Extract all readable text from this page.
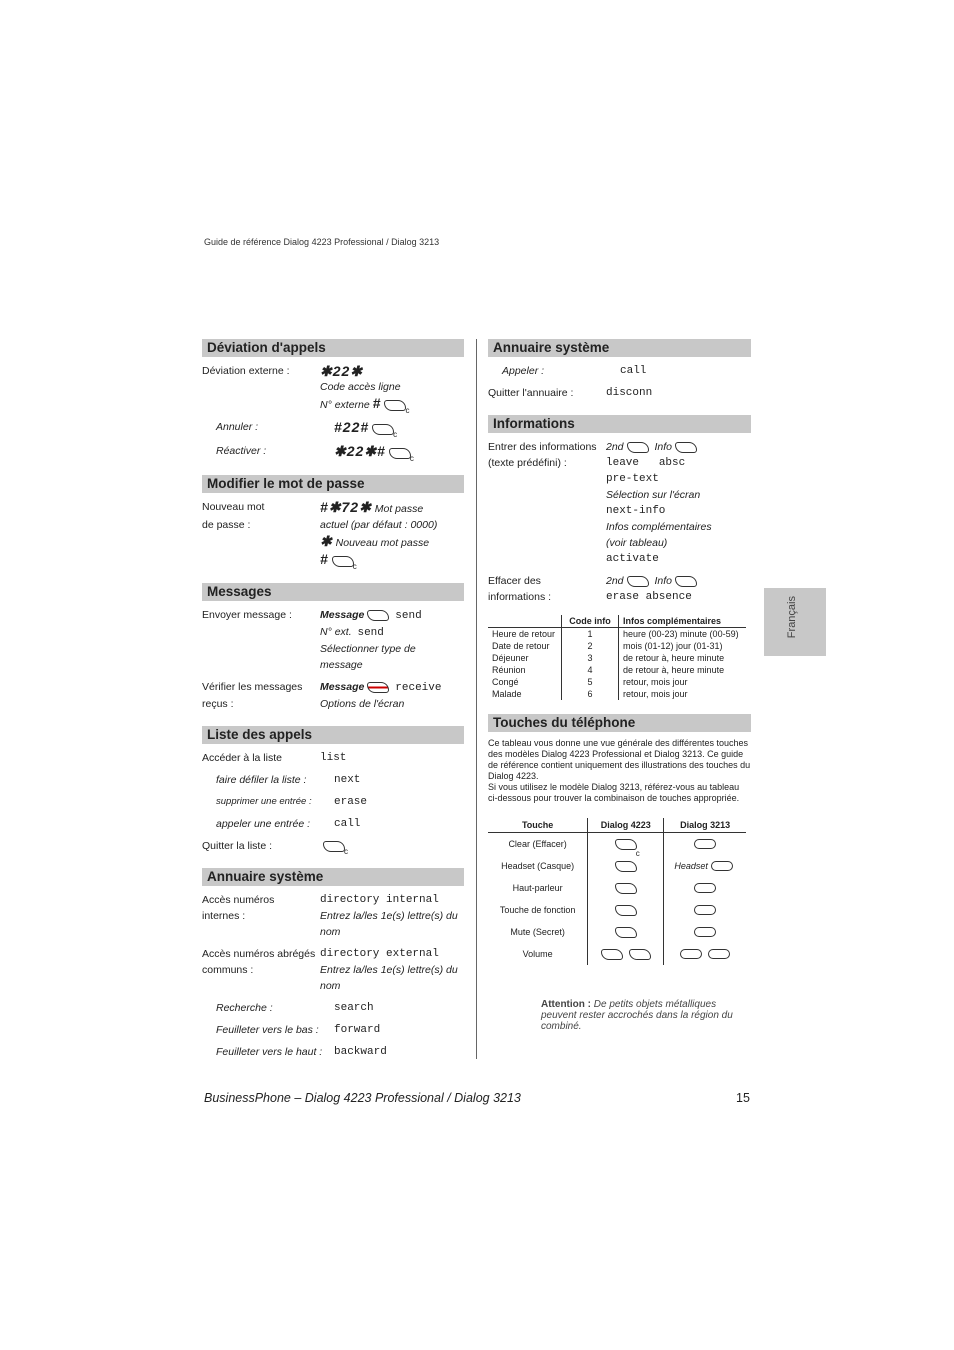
Guide de référence Dialog 4223 Professional / Dialog 3213
Déviation d'appels
Déviation externe :	✱22✱
Code accès ligne
N° externe #c
Annuler :	#22#c
Réactiver :	✱22✱#c
Modifier le mot de passe
Nouveau mot	#✱72✱ Mot passe
de passe :	actuel (par défaut : 0000)
✱ Nouveau mot passe
#c
Messages
Envoyer message :	Message	send
N° ext. send
Sélectionner type de
message
Vérifier les messages	Message	receive
reçus :	Options de l'écran
Liste des appels
Accéder à la liste	list
faire défiler la liste :	next
supprimer une entrée :	erase
appeler une entrée :	call
Quitter la liste :
c
Annuaire système
Accès numéros	directory internal
internes :	Entrez la/les 1e(s) lettre(s) du nom
Accès numéros abrégés directory external
communs :	Entrez la/les 1e(s) lettre(s) du nom
Recherche :	search
Feuilleter vers le bas :	forward
Feuilleter vers le haut :	backward
Annuaire système
Appeler :	call
Quitter l'annuaire :	disconn
Informations
Entrer des informations 2nd	Info
(texte prédéfini) :	leave absc
pre-text
Sélection sur l'écran
next-info
Infos complémentaires
(voir tableau)
activate
Effacer des	2nd	Info
informations :	erase absence
	Code info	Infos complémentaires
Heure de retour	1	heure (00-23) minute (00-59)
Date de retour	2	mois (01-12) jour (01-31)
Déjeuner	3	de retour à, heure minute
Réunion	4	de retour à, heure minute
Congé	5	retour, mois jour
Malade	6	retour, mois jour
Touches du téléphone
Ce tableau vous donne une vue générale des différentes touches des modèles Dialog 4223 Professional et Dialog 3213. Ce guide de référence contient uniquement des illustrations des touches du Dialog 4223.
Si vous utilisez le modèle Dialog 3213, référez-vous au tableau ci-dessous pour trouver la combinaison de touches appropriée.
Touche	Dialog 4223	Dialog 3213
Clear (Effacer)	c	
Headset (Casque)		Headset
Haut-parleur		
Touche de fonction		
Mute (Secret)		
Volume		
Attention : De petits objets métalliques peuvent rester accrochés dans la région du combiné.
Français
BusinessPhone – Dialog 4223 Professional / Dialog 3213	15
